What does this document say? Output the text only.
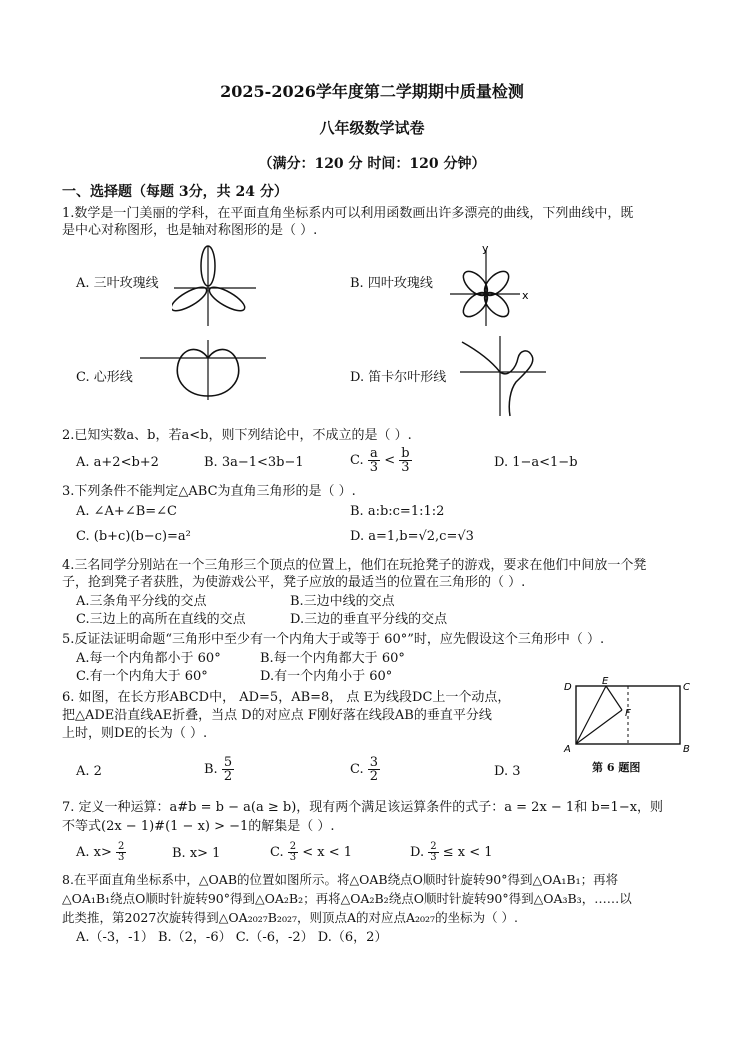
2025-2026学年度第二学期期中质量检测
八年级数学试卷
（满分：120 分 时间：120 分钟）
一、选择题（每题 3分，共 24 分）
1.数学是一门美丽的学科，在平面直角坐标系内可以利用函数画出许多漂亮的曲线，下列曲线中，既
是中心对称图形，也是轴对称图形的是（ ）.
A. 三叶玫瑰线	B. 四叶玫瑰线
C. 心形线	D. 笛卡尔叶形线
x
y
2.已知实数a、b，若a<b，则下列结论中，不成立的是（ ）.
A. a+2<b+2	B. 3a−1<3b−1	C. $\frac{a}{3} < \frac{b}{3}$	D. 1−a<1−b
3.下列条件不能判定△ABC为直角三角形的是（ ）.
A. ∠A+∠B=∠C	B. a:b:c=1:1:2
C. (b+c)(b−c)=a²	D. a=1,b=√2,c=√3
4.三名同学分别站在一个三角形三个顶点的位置上，他们在玩抢凳子的游戏，要求在他们中间放一个凳
子，抢到凳子者获胜，为使游戏公平，凳子应放的最适当的位置在三角形的（ ）.
A.三条角平分线的交点	B.三边中线的交点
C.三边上的高所在直线的交点	D.三边的垂直平分线的交点
5.反证法证明命题“三角形中至少有一个内角大于或等于 60°”时，应先假设这个三角形中（ ）.
A.每一个内角都小于 60°	B.每一个内角都大于 60°
C.有一个内角大于 60°	D.有一个内角小于 60°
6. 如图，在长方形ABCD中， AD=5，AB=8， 点 E为线段DC上一个动点，
把△ADE沿直线AE折叠，当点 D的对应点 F刚好落在线段AB的垂直平分线
上时，则DE的长为（ ）.
A. 2	B. $\frac{5}{2}$	C. $\frac{3}{2}$	D. 3
D
E
C
F
A	B
第 6 题图
7. 定义一种运算：a#b = b − a(a ≥ b)，现有两个满足该运算条件的式子：a = 2x − 1和 b=1−x，则
不等式(2x − 1)#(1 − x) > −1的解集是（ ）.
A. $x> \frac{2}{3}$	B. x> 1	C. $\frac{2}{3} < x < 1$	D. $\frac{2}{3} \le x < 1$
8.在平面直角坐标系中，△OAB的位置如图所示。将△OAB绕点O顺时针旋转90°得到△OA₁B₁；再将
△OA₁B₁绕点O顺时针旋转90°得到△OA₂B₂；再将△OA₂B₂绕点O顺时针旋转90°得到△OA₃B₃，……以
此类推，第2027次旋转得到△OA₂₀₂₇B₂₀₂₇，则顶点A的对应点A₂₀₂₇的坐标为（ ）.
A.（-3，-1） B.（2，-6） C.（-6，-2） D.（6，2）
